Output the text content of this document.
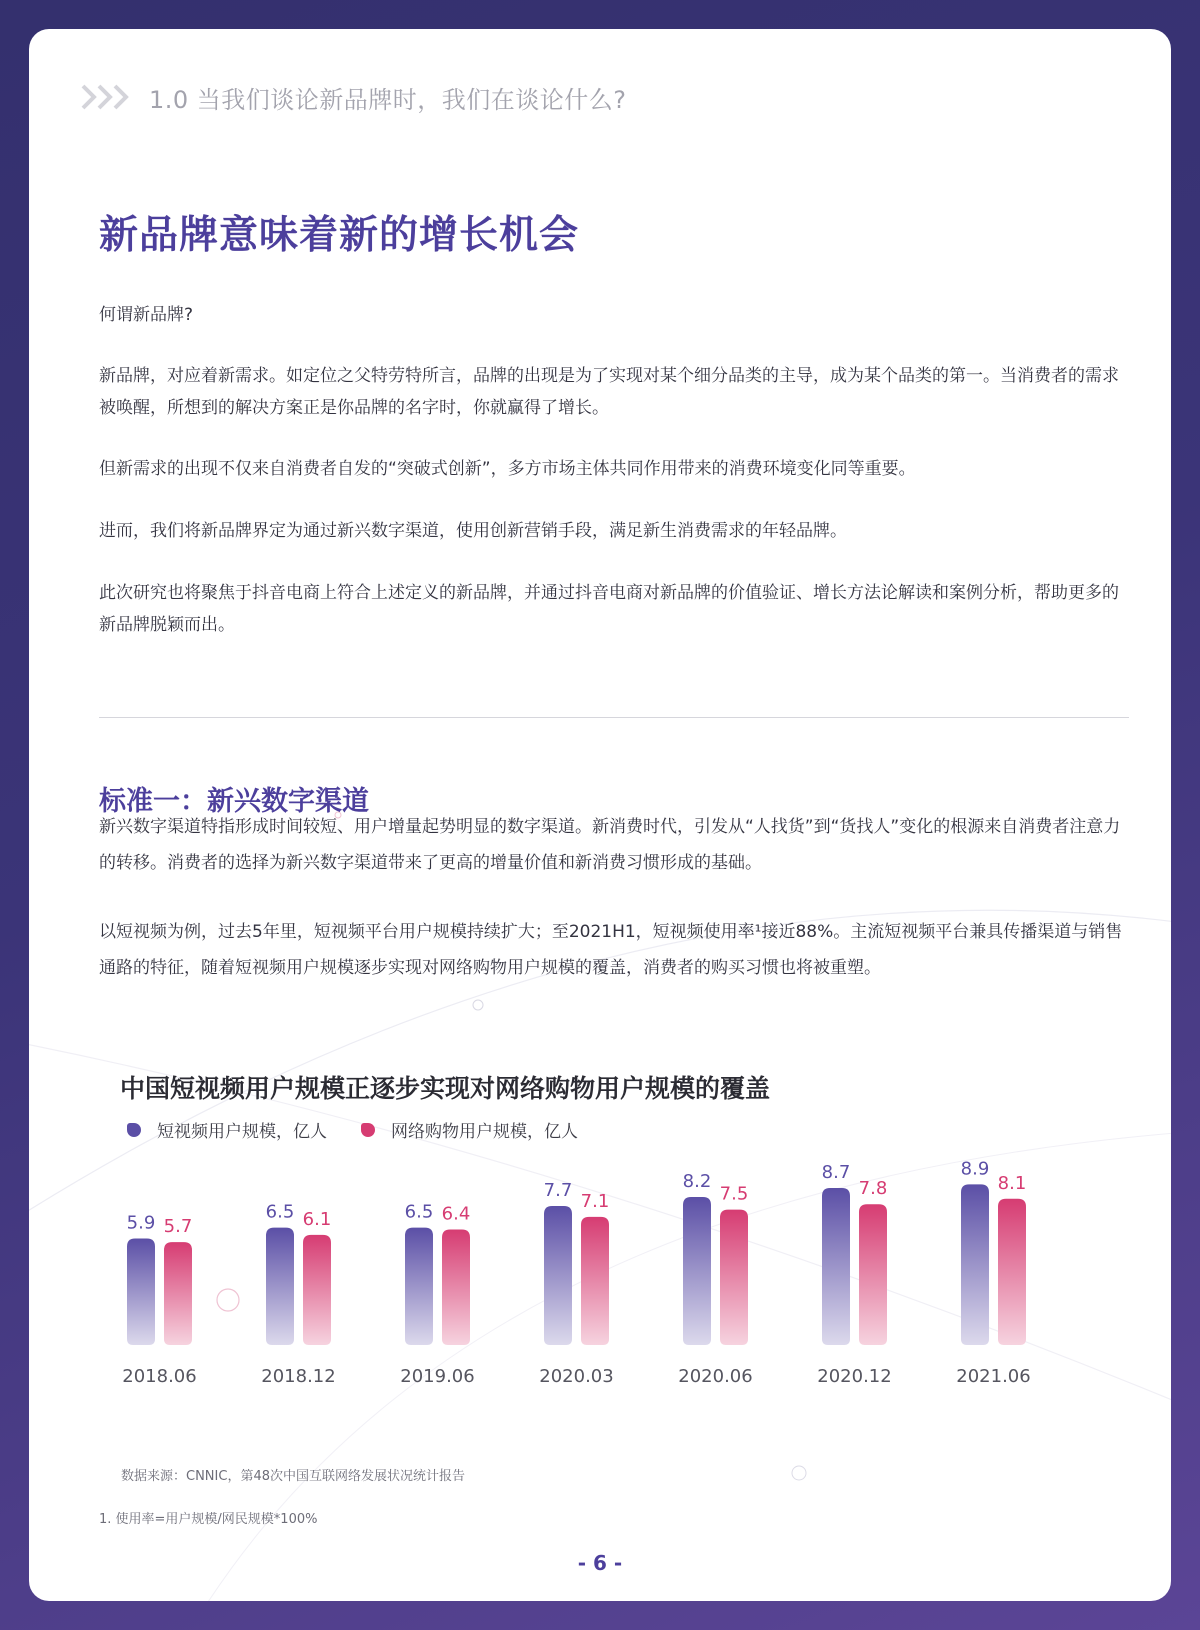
1.0 当我们谈论新品牌时，我们在谈论什么?
新品牌意味着新的增长机会

何谓新品牌?

新品牌，对应着新需求。如定位之父特劳特所言，品牌的出现是为了实现对某个细分品类的主导，成为某个品类的第一。当消费者的需求被唤醒，所想到的解决方案正是你品牌的名字时，你就赢得了增长。

但新需求的出现不仅来自消费者自发的“突破式创新”，多方市场主体共同作用带来的消费环境变化同等重要。

进而，我们将新品牌界定为通过新兴数字渠道，使用创新营销手段，满足新生消费需求的年轻品牌。

此次研究也将聚焦于抖音电商上符合上述定义的新品牌，并通过抖音电商对新品牌的价值验证、增长方法论解读和案例分析，帮助更多的新品牌脱颖而出。

标准一：新兴数字渠道

新兴数字渠道特指形成时间较短、用户增量起势明显的数字渠道。新消费时代，引发从“人找货”到“货找人”变化的根源来自消费者注意力的转移。消费者的选择为新兴数字渠道带来了更高的增量价值和新消费习惯形成的基础。

以短视频为例，过去5年里，短视频平台用户规模持续扩大；至2021H1，短视频使用率¹接近88%。主流短视频平台兼具传播渠道与销售通路的特征，随着短视频用户规模逐步实现对网络购物用户规模的覆盖，消费者的购买习惯也将被重塑。

中国短视频用户规模正逐步实现对网络购物用户规模的覆盖
短视频用户规模，亿人	网络购物用户规模，亿人
5.9 5.7
2018.06
6.5 6.1
2018.12
6.5 6.4
2019.06
7.7
7.1
2020.03
8.2
7.5
2020.06
8.7
7.8
2020.12
8.9
8.1
2021.06
数据来源：CNNIC，第48次中国互联网络发展状况统计报告
1. 使用率=用户规模/网民规模*100%
- 6 -
